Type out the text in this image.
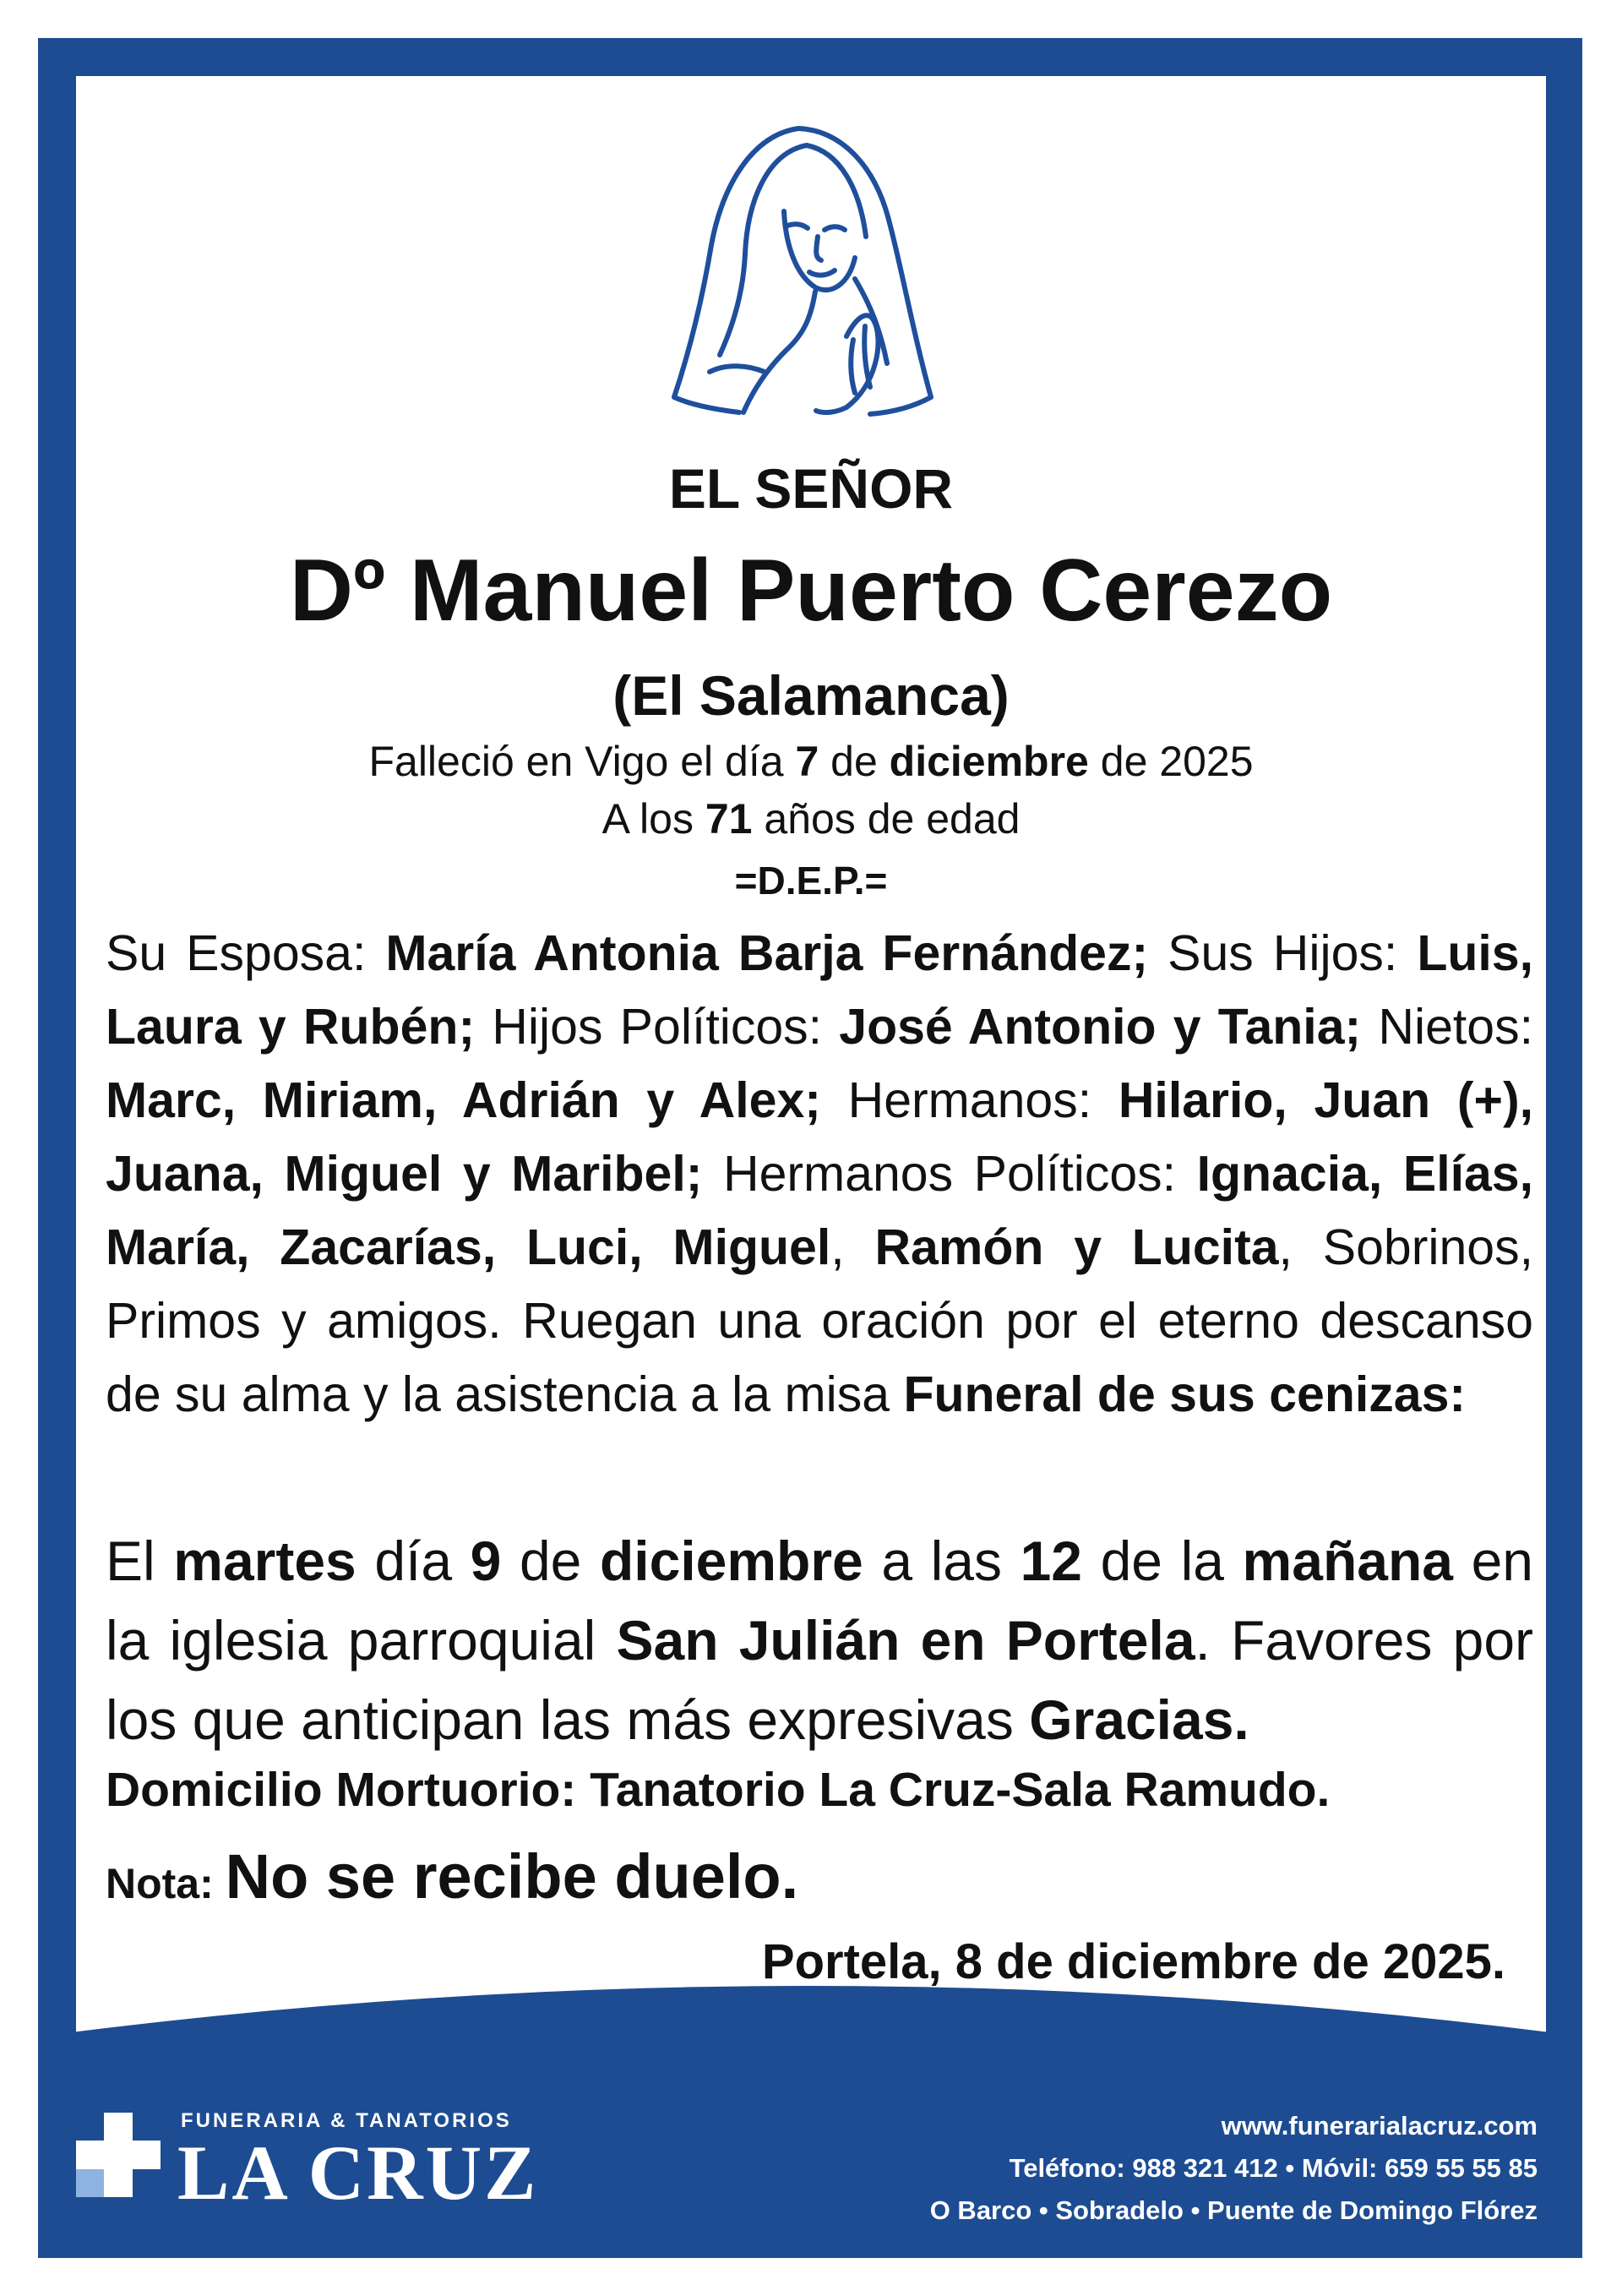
EL SEÑOR
Dº Manuel Puerto Cerezo
(El Salamanca)
Falleció en Vigo el día 7 de diciembre de 2025
A los 71 años de edad
=D.E.P.=
Su Esposa: María Antonia Barja Fernández; Sus Hijos: Luis, Laura y Rubén; Hijos Políticos: José Antonio y Tania; Nietos: Marc, Miriam, Adrián y Alex; Hermanos: Hilario, Juan (+), Juana, Miguel y Maribel; Hermanos Políticos: Ignacia, Elías, María, Zacarías, Luci, Miguel, Ramón y Lucita, Sobrinos, Primos y amigos. Ruegan una oración por el eterno descanso de su alma y la asistencia a la misa Funeral de sus cenizas:
El martes día 9 de diciembre a las 12 de la mañana en la iglesia parroquial San Julián en Portela. Favores por los que anticipan las más expresivas Gracias.
Domicilio Mortuorio: Tanatorio La Cruz-Sala Ramudo.
Nota: No se recibe duelo.
Portela, 8 de diciembre de 2025.
FUNERARIA & TANATORIOS
LA CRUZ
www.funerarialacruz.com
Teléfono: 988 321 412 • Móvil: 659 55 55 85
O Barco • Sobradelo • Puente de Domingo Flórez
